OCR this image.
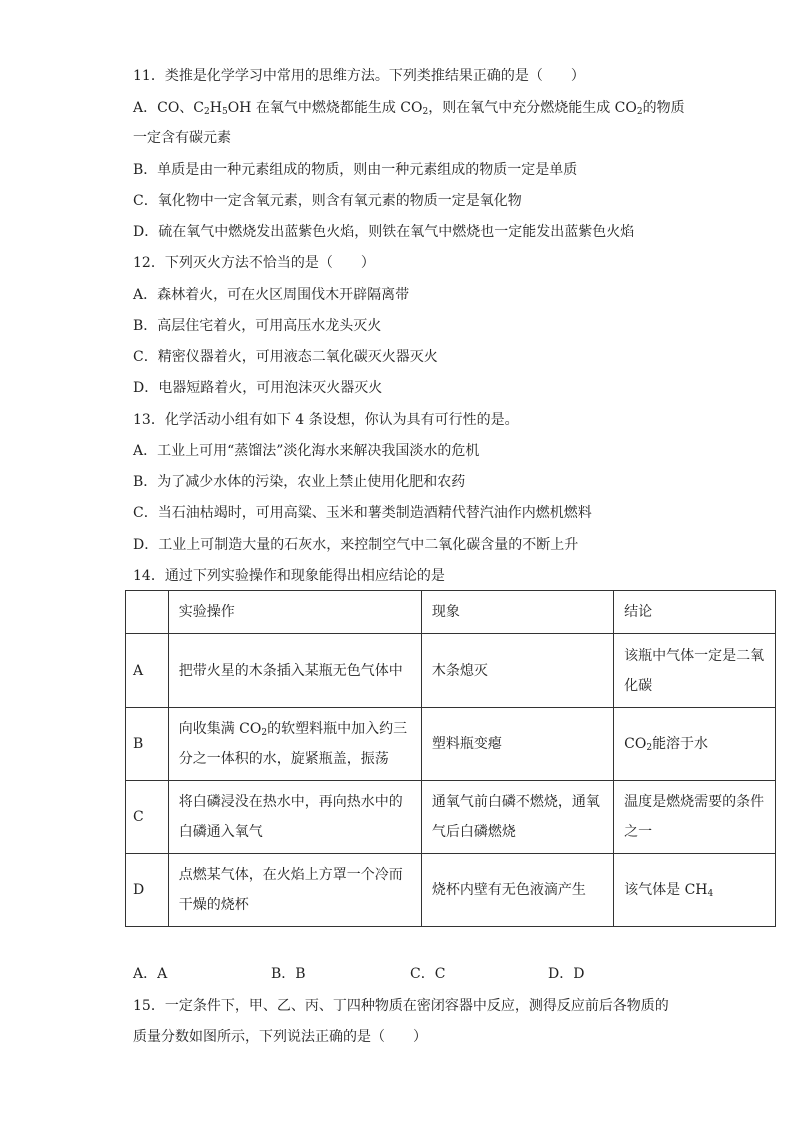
11．类推是化学学习中常用的思维方法。下列类推结果正确的是（　　）
A．CO、$C_2H_5OH$ 在氧气中燃烧都能生成 $CO_2$，则在氧气中充分燃烧能生成 $CO_2$的物质
一定含有碳元素
B．单质是由一种元素组成的物质，则由一种元素组成的物质一定是单质
C．氧化物中一定含氧元素，则含有氧元素的物质一定是氧化物
D．硫在氧气中燃烧发出蓝紫色火焰，则铁在氧气中燃烧也一定能发出蓝紫色火焰
12．下列灭火方法不恰当的是（　　）
A．森林着火，可在火区周围伐木开辟隔离带
B．高层住宅着火，可用高压水龙头灭火
C．精密仪器着火，可用液态二氧化碳灭火器灭火
D．电器短路着火，可用泡沫灭火器灭火
13．化学活动小组有如下 4 条设想，你认为具有可行性的是。
A．工业上可用“蒸馏法”淡化海水来解决我国淡水的危机
B．为了减少水体的污染，农业上禁止使用化肥和农药
C．当石油枯竭时，可用高粱、玉米和薯类制造酒精代替汽油作内燃机燃料
D．工业上可制造大量的石灰水，来控制空气中二氧化碳含量的不断上升
14．通过下列实验操作和现象能得出相应结论的是
	实验操作	现象	结论
A	把带火星的木条插入某瓶无色气体中	木条熄灭	该瓶中气体一定是二氧化碳
B	向收集满 $CO_2$的软塑料瓶中加入约三分之一体积的水，旋紧瓶盖，振荡	塑料瓶变瘪	$CO_2$能溶于水
C	将白磷浸没在热水中，再向热水中的白磷通入氧气	通氧气前白磷不燃烧，通氧气后白磷燃烧	温度是燃烧需要的条件之一
D	点燃某气体，在火焰上方罩一个冷而干燥的烧杯	烧杯内壁有无色液滴产生	该气体是 $CH_4$
A．A	B．B	C．C	D．D
15．一定条件下，甲、乙、丙、丁四种物质在密闭容器中反应，测得反应前后各物质的
质量分数如图所示，下列说法正确的是（　　）
